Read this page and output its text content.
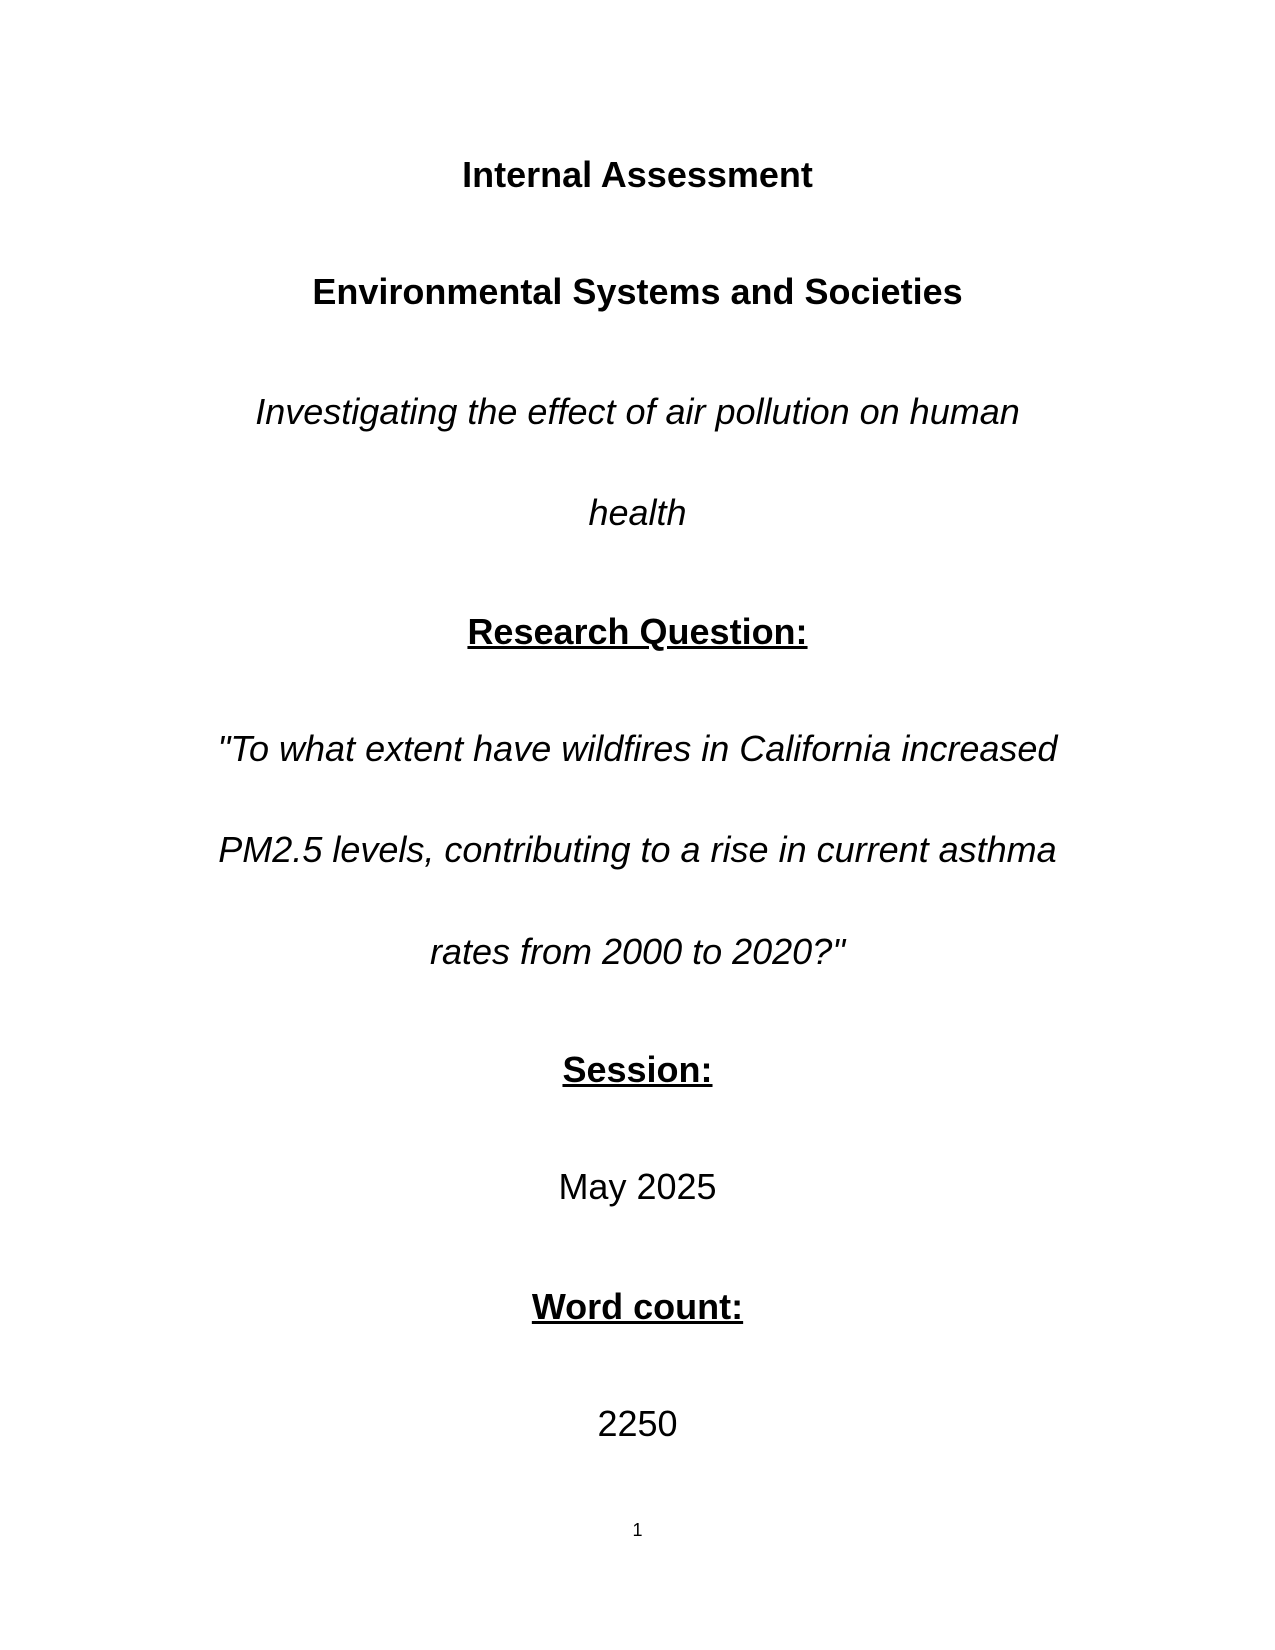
Internal Assessment
Environmental Systems and Societies
Investigating the effect of air pollution on human
health
Research Question:
"To what extent have wildfires in California increased
PM2.5 levels, contributing to a rise in current asthma
rates from 2000 to 2020?"
Session:
May 2025
Word count:
2250
1
